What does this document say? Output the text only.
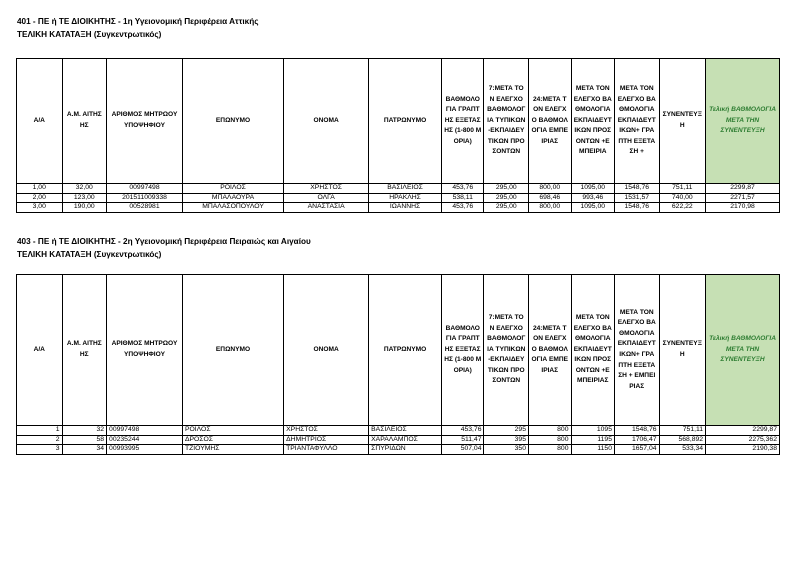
401 - ΠΕ ή ΤΕ ΔΙΟΙΚΗΤΗΣ - 1η Υγειονομική Περιφέρεια Αττικής
ΤΕΛΙΚΗ ΚΑΤΑΤΑΞΗ (Συγκεντρωτικός)
Α/Α	Α.Μ. ΑΙΤΗΣΗΣ	ΑΡΙΘΜΟΣ ΜΗΤΡΩΟΥ ΥΠΟΨΗΦΙΟΥ	ΕΠΩΝΥΜΟ	ΟΝΟΜΑ	ΠΑΤΡΩΝΥΜΟ	ΒΑΘΜΟΛΟΓΙΑ ΓΡΑΠΤΗΣ ΕΞΕΤΑΣΗΣ (1-800 ΜΟΡΙΑ)	7:ΜΕΤΑ ΤΟΝ ΕΛΕΓΧΟ ΒΑΘΜΟΛΟΓΙΑ ΤΥΠΙΚΩΝ-ΕΚΠΑΙΔΕΥΤΙΚΩΝ ΠΡΟΣΟΝΤΩΝ	24:ΜΕΤΑ ΤΟΝ ΕΛΕΓΧΟ ΒΑΘΜΟΛΟΓΙΑ ΕΜΠΕΙΡΙΑΣ	ΜΕΤΑ ΤΟΝ ΕΛΕΓΧΟ ΒΑΘΜΟΛΟΓΙΑ ΕΚΠΑΙΔΕΥΤΙΚΩΝ ΠΡΟΣΟΝΤΩΝ +ΕΜΠΕΙΡΙΑ	ΜΕΤΑ ΤΟΝ ΕΛΕΓΧΟ ΒΑΘΜΟΛΟΓΙΑ ΕΚΠΑΙΔΕΥΤΙΚΩΝ+ ΓΡΑΠΤΗ ΕΞΕΤΑΣΗ +	ΣΥΝΕΝΤΕΥΞΗ	Τελική ΒΑΘΜΟΛΟΓΙΑ ΜΕΤΑ ΤΗΝ ΣΥΝΕΝΤΕΥΞΗ
1,00	32,00	00997498	ΡΟΙΛΟΣ	ΧΡΗΣΤΟΣ	ΒΑΣΙΛΕΙΟΣ	453,76	295,00	800,00	1095,00	1548,76	751,11	2299,87
2,00	123,00	201511009338	ΜΠΑΛΑΟΥΡΑ	ΟΛΓΑ	ΗΡΑΚΛΗΣ	538,11	295,00	698,46	993,46	1531,57	740,00	2271,57
3,00	190,00	00528981	ΜΠΑΛΑΣΟΠΟΥΛΟΥ	ΑΝΑΣΤΑΣΙΑ	ΙΩΑΝΝΗΣ	453,76	295,00	800,00	1095,00	1548,76	622,22	2170,98
403 - ΠΕ ή ΤΕ ΔΙΟΙΚΗΤΗΣ - 2η Υγειονομική Περιφέρεια Πειραιώς και Αιγαίου
ΤΕΛΙΚΗ ΚΑΤΑΤΑΞΗ (Συγκεντρωτικός)
Α/Α	Α.Μ. ΑΙΤΗΣΗΣ	ΑΡΙΘΜΟΣ ΜΗΤΡΩΟΥ ΥΠΟΨΗΦΙΟΥ	ΕΠΩΝΥΜΟ	ΟΝΟΜΑ	ΠΑΤΡΩΝΥΜΟ	ΒΑΘΜΟΛΟΓΙΑ ΓΡΑΠΤΗΣ ΕΞΕΤΑΣΗΣ (1-800 ΜΟΡΙΑ)	7:ΜΕΤΑ ΤΟΝ ΕΛΕΓΧΟ ΒΑΘΜΟΛΟΓΙΑ ΤΥΠΙΚΩΝ-ΕΚΠΑΙΔΕΥΤΙΚΩΝ ΠΡΟΣΟΝΤΩΝ	24:ΜΕΤΑ ΤΟΝ ΕΛΕΓΧΟ ΒΑΘΜΟΛΟΓΙΑ ΕΜΠΕΙΡΙΑΣ	ΜΕΤΑ ΤΟΝ ΕΛΕΓΧΟ ΒΑΘΜΟΛΟΓΙΑ ΕΚΠΑΙΔΕΥΤΙΚΩΝ ΠΡΟΣΟΝΤΩΝ +ΕΜΠΕΙΡΙΑΣ	ΜΕΤΑ ΤΟΝ ΕΛΕΓΧΟ ΒΑΘΜΟΛΟΓΙΑ ΕΚΠΑΙΔΕΥΤΙΚΩΝ+ ΓΡΑΠΤΗ ΕΞΕΤΑΣΗ + ΕΜΠΕΙΡΙΑΣ	ΣΥΝΕΝΤΕΥΞΗ	Τελική ΒΑΘΜΟΛΟΓΙΑ ΜΕΤΑ ΤΗΝ ΣΥΝΕΝΤΕΥΞΗ
1	32	00997498	ΡΟΙΛΟΣ	ΧΡΗΣΤΟΣ	ΒΑΣΙΛΕΙΟΣ	453,76	295	800	1095	1548,76	751,11	2299,87
2	58	00235244	ΔΡΟΣΟΣ	ΔΗΜΗΤΡΙΟΣ	ΧΑΡΑΛΑΜΠΟΣ	511,47	395	800	1195	1706,47	568,892	2275,362
3	34	00993995	ΤΖΙΟΥΜΗΣ	ΤΡΙΑΝΤΑΦΥΛΛΟ	ΣΠΥΡΙΔΩΝ	507,04	350	800	1150	1657,04	533,34	2190,38
